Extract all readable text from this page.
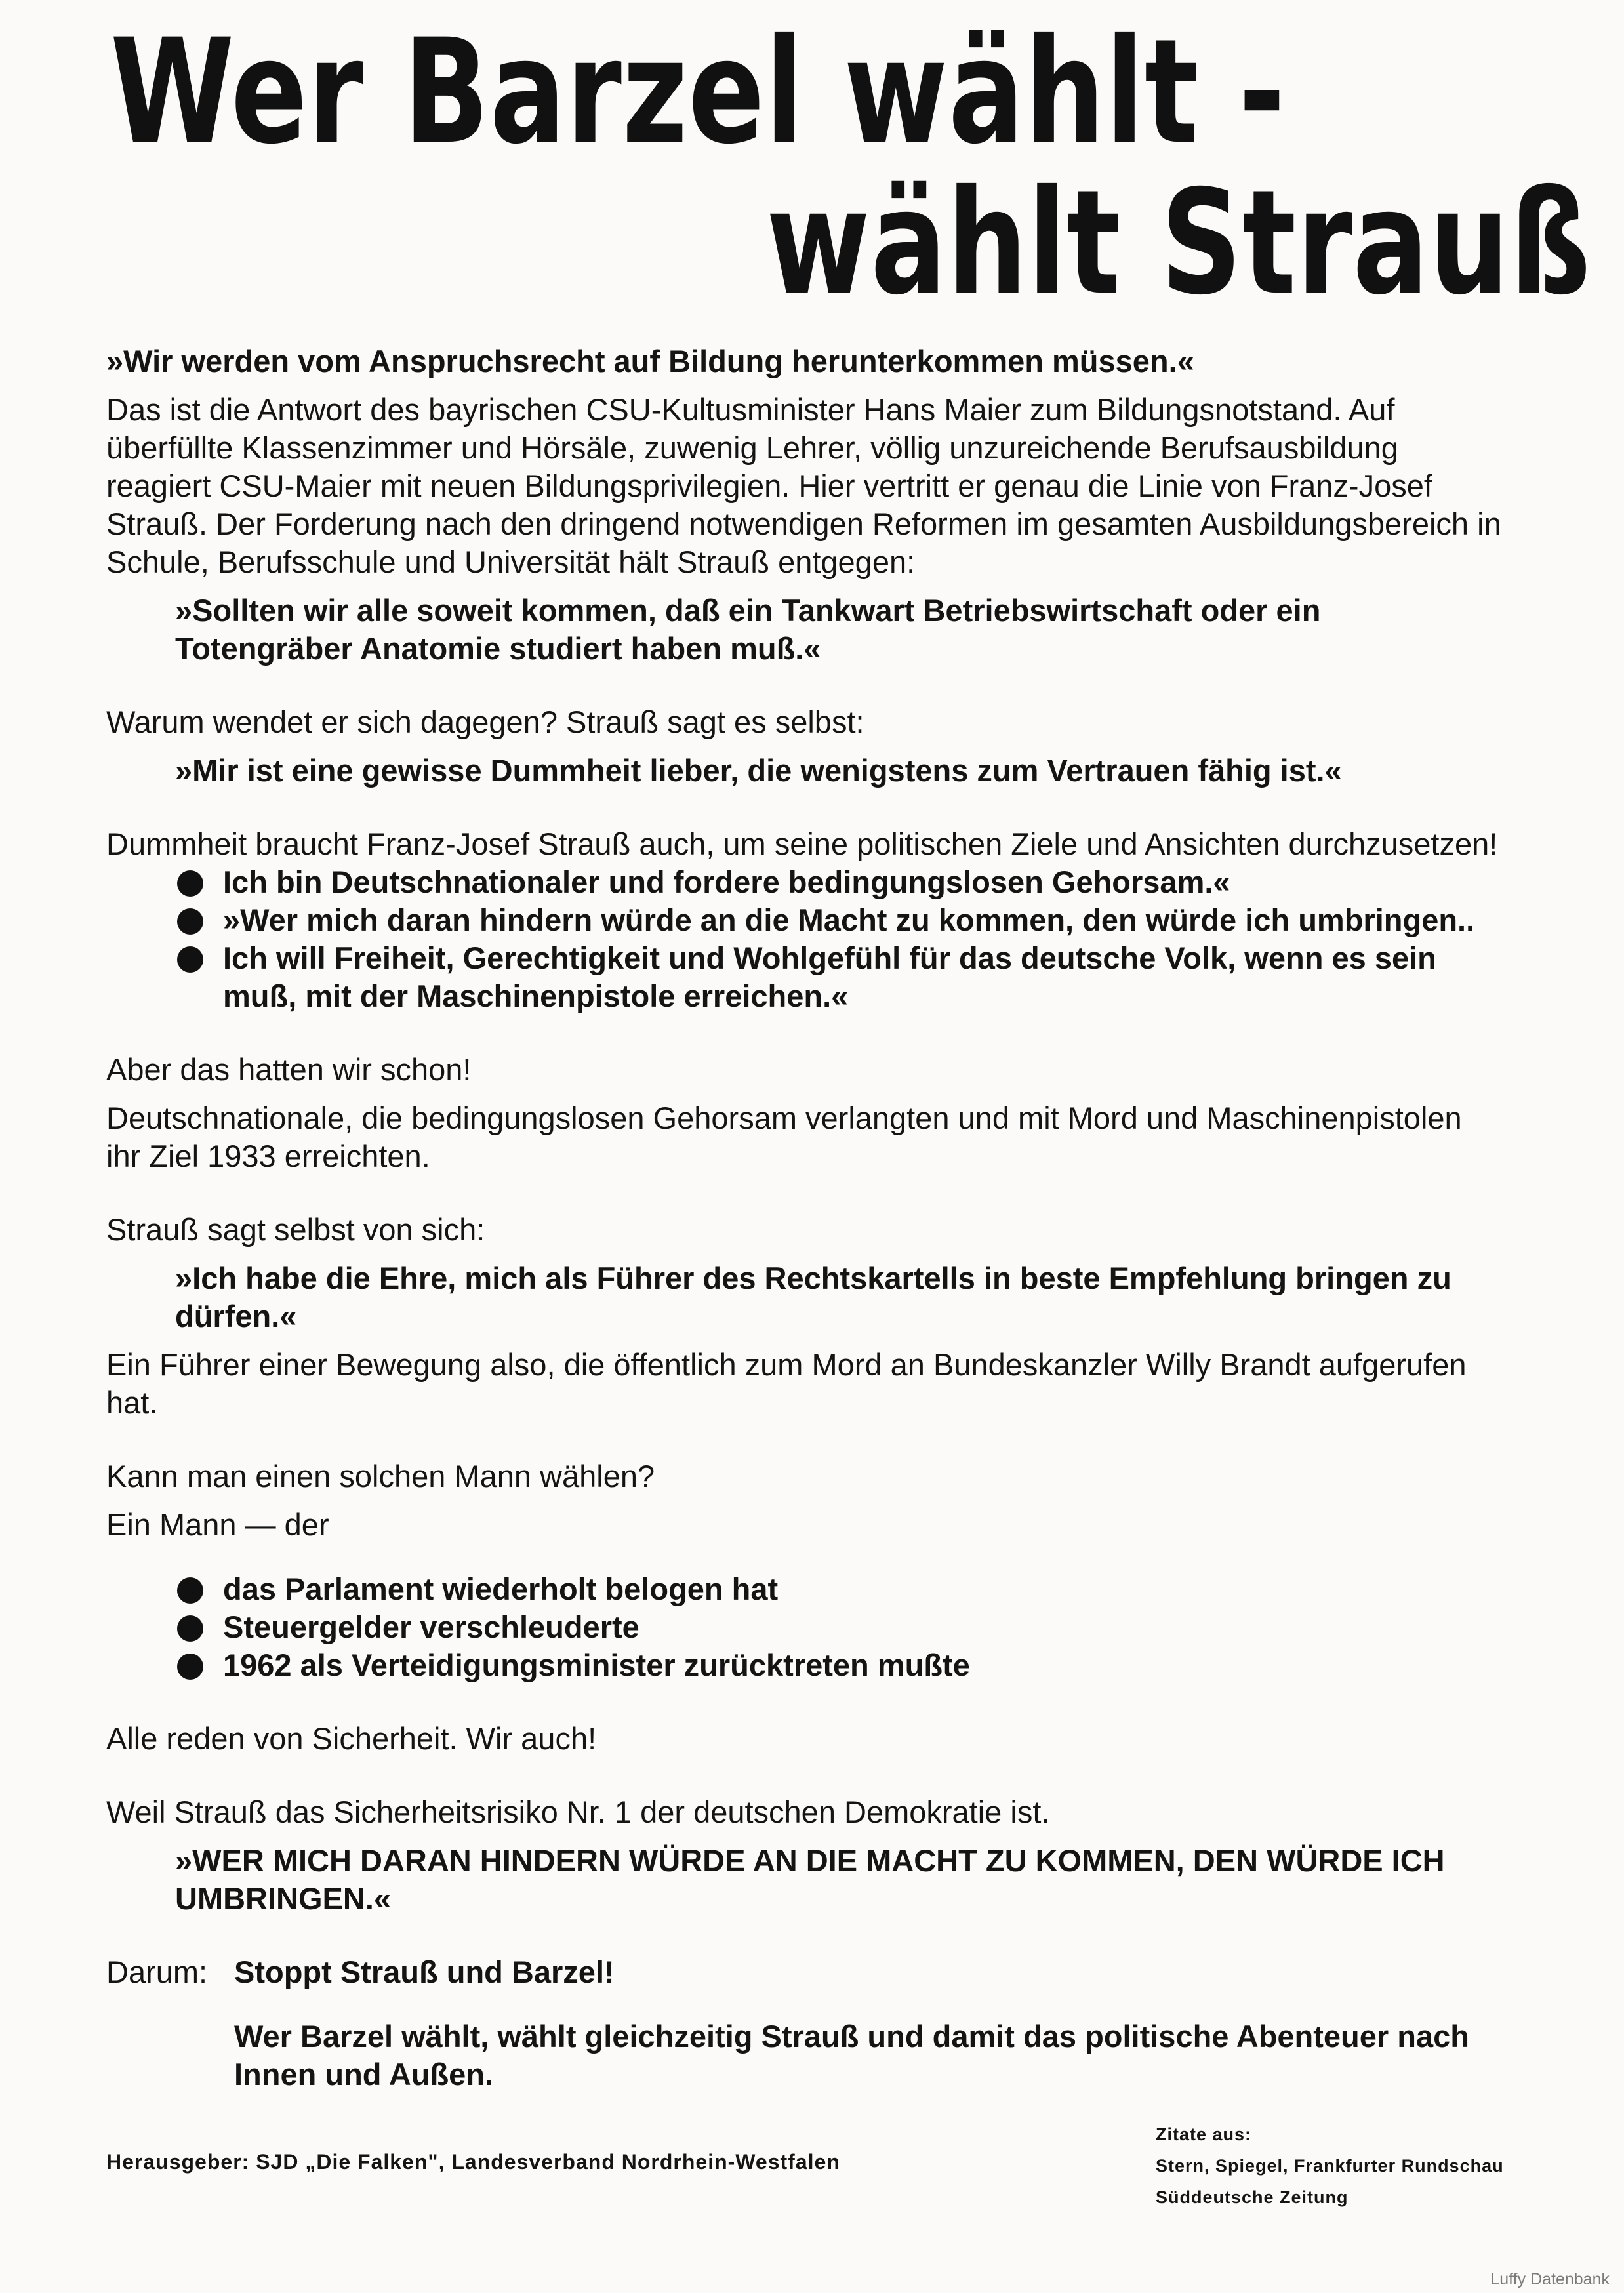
Wer Barzel wählt -
wählt Strauß

»Wir werden vom Anspruchsrecht auf Bildung herunterkommen müssen.«

Das ist die Antwort des bayrischen CSU-Kultusminister Hans Maier zum Bildungsnotstand. Auf überfüllte Klassenzimmer und Hörsäle, zuwenig Lehrer, völlig unzureichende Berufsausbildung reagiert CSU-Maier mit neuen Bildungsprivilegien. Hier vertritt er genau die Linie von Franz-Josef Strauß. Der Forderung nach den dringend notwendigen Reformen im gesamten Ausbildungsbereich in Schule, Berufsschule und Universität hält Strauß entgegen:

»Sollten wir alle soweit kommen, daß ein Tankwart Betriebswirtschaft oder ein Totengräber Anatomie studiert haben muß.«

Warum wendet er sich dagegen? Strauß sagt es selbst:

»Mir ist eine gewisse Dummheit lieber, die wenigstens zum Vertrauen fähig ist.«

Dummheit braucht Franz-Josef Strauß auch, um seine politischen Ziele und Ansichten durchzusetzen!

Ich bin Deutschnationaler und fordere bedingungslosen Gehorsam.«
»Wer mich daran hindern würde an die Macht zu kommen, den würde ich umbringen..
Ich will Freiheit, Gerechtigkeit und Wohlgefühl für das deutsche Volk, wenn es sein muß, mit der Maschinenpistole erreichen.«

Aber das hatten wir schon!

Deutschnationale, die bedingungslosen Gehorsam verlangten und mit Mord und Maschinenpistolen ihr Ziel 1933 erreichten.

Strauß sagt selbst von sich:

»Ich habe die Ehre, mich als Führer des Rechtskartells in beste Empfehlung bringen zu dürfen.«

Ein Führer einer Bewegung also, die öffentlich zum Mord an Bundeskanzler Willy Brandt aufgerufen hat.

Kann man einen solchen Mann wählen?

Ein Mann — der

das Parlament wiederholt belogen hat
Steuergelder verschleuderte
1962 als Verteidigungsminister zurücktreten mußte

Alle reden von Sicherheit. Wir auch!

Weil Strauß das Sicherheitsrisiko Nr. 1 der deutschen Demokratie ist.

»WER MICH DARAN HINDERN WÜRDE AN DIE MACHT ZU KOMMEN, DEN WÜRDE ICH UMBRINGEN.«

Darum: Stoppt Strauß und Barzel!

Wer Barzel wählt, wählt gleichzeitig Strauß und damit das politische Abenteuer nach Innen und Außen.

Herausgeber: SJD „Die Falken", Landesverband Nordrhein-Westfalen
Zitate aus:
Stern, Spiegel, Frankfurter Rundschau
Süddeutsche Zeitung
Luffy Datenbank
